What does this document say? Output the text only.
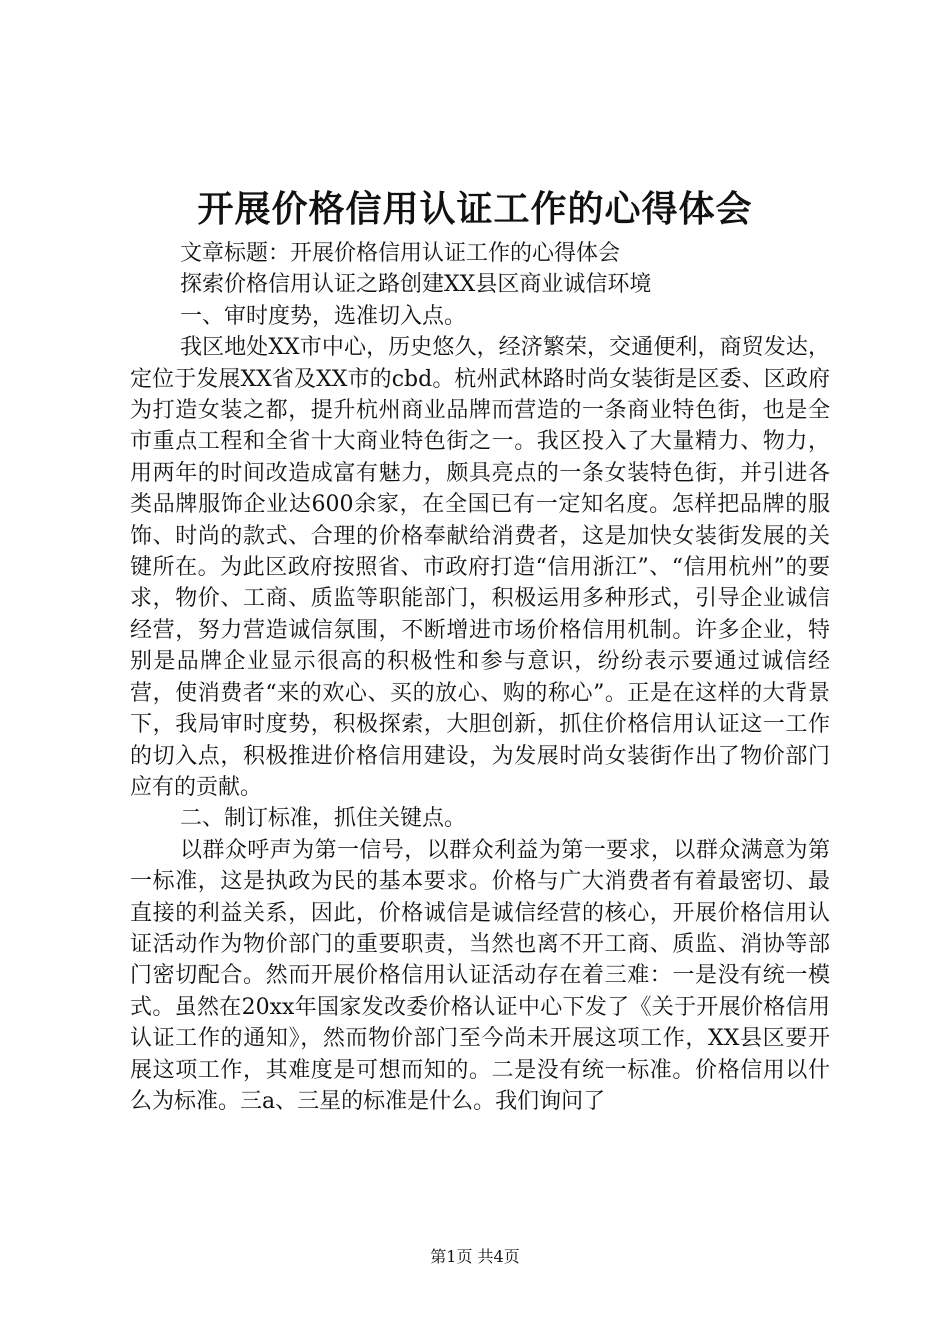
开展价格信用认证工作的心得体会

文章标题：开展价格信用认证工作的心得体会

探索价格信用认证之路创建XX县区商业诚信环境

一、审时度势，选准切入点。

我区地处XX市中心，历史悠久，经济繁荣，交通便利，商贸发达，定位于发展XX省及XX市的cbd。杭州武林路时尚女装街是区委、区政府为打造女装之都，提升杭州商业品牌而营造的一条商业特色街，也是全市重点工程和全省十大商业特色街之一。我区投入了大量精力、物力，用两年的时间改造成富有魅力，颇具亮点的一条女装特色街，并引进各类品牌服饰企业达600余家，在全国已有一定知名度。怎样把品牌的服饰、时尚的款式、合理的价格奉献给消费者，这是加快女装街发展的关键所在。为此区政府按照省、市政府打造“信用浙江”、“信用杭州”的要求，物价、工商、质监等职能部门，积极运用多种形式，引导企业诚信经营，努力营造诚信氛围，不断增进市场价格信用机制。许多企业，特别是品牌企业显示很高的积极性和参与意识，纷纷表示要通过诚信经营，使消费者“来的欢心、买的放心、购的称心”。正是在这样的大背景下，我局审时度势，积极探索，大胆创新，抓住价格信用认证这一工作的切入点，积极推进价格信用建设，为发展时尚女装街作出了物价部门应有的贡献。

二、制订标准，抓住关键点。

以群众呼声为第一信号，以群众利益为第一要求，以群众满意为第一标准，这是执政为民的基本要求。价格与广大消费者有着最密切、最直接的利益关系，因此，价格诚信是诚信经营的核心，开展价格信用认证活动作为物价部门的重要职责，当然也离不开工商、质监、消协等部门密切配合。然而开展价格信用认证活动存在着三难：一是没有统一模式。虽然在20xx年国家发改委价格认证中心下发了《关于开展价格信用认证工作的通知》，然而物价部门至今尚未开展这项工作，XX县区要开展这项工作，其难度是可想而知的。二是没有统一标准。价格信用以什么为标准。三a、三星的标准是什么。我们询问了

第1页 共4页
